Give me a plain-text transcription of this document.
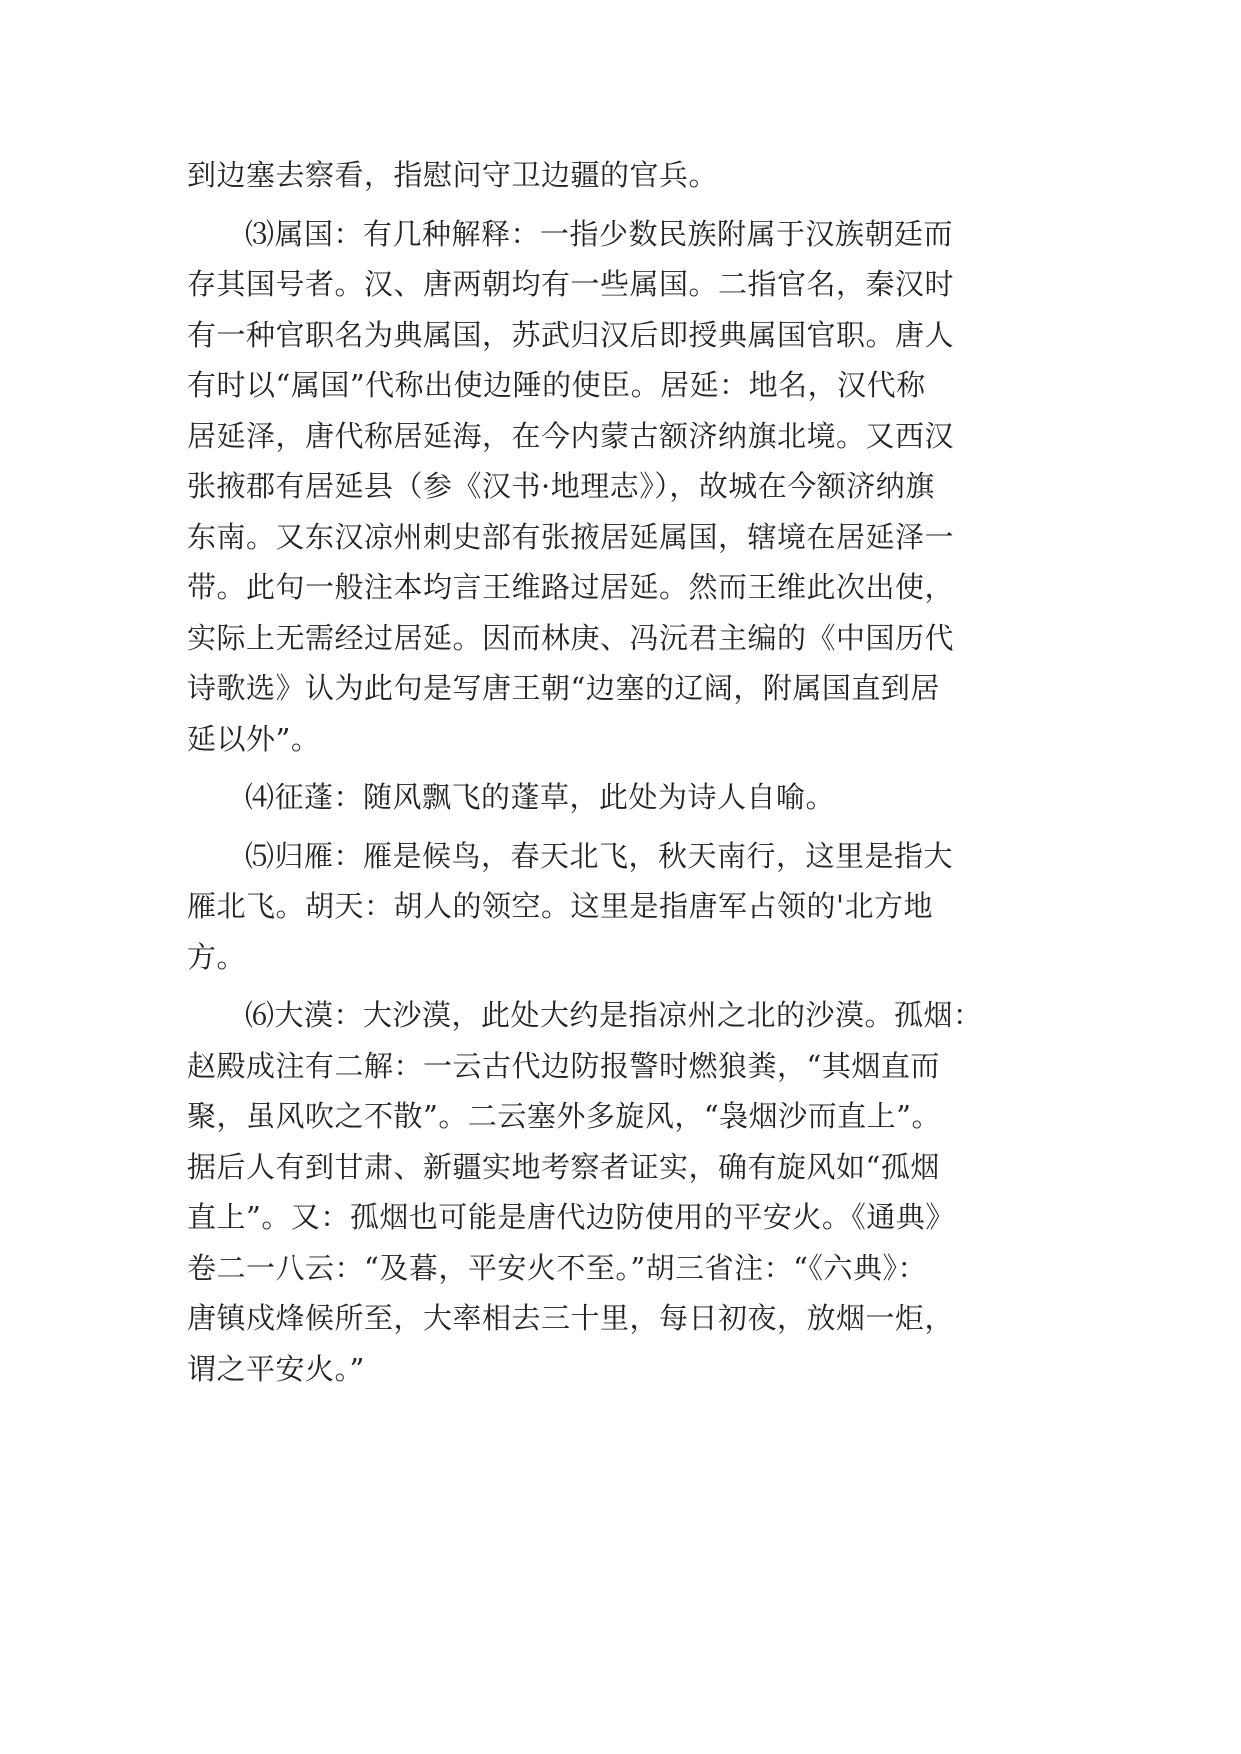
到边塞去察看，指慰问守卫边疆的官兵。
⑶属国：有几种解释：一指少数民族附属于汉族朝廷而
存其国号者。汉、唐两朝均有一些属国。二指官名，秦汉时
有一种官职名为典属国，苏武归汉后即授典属国官职。唐人
有时以“属国”代称出使边陲的使臣。居延：地名，汉代称
居延泽，唐代称居延海，在今内蒙古额济纳旗北境。又西汉
张掖郡有居延县（参《汉书·地理志》），故城在今额济纳旗
东南。又东汉凉州刺史部有张掖居延属国，辖境在居延泽一
带。此句一般注本均言王维路过居延。然而王维此次出使，
实际上无需经过居延。因而林庚、冯沅君主编的《中国历代
诗歌选》认为此句是写唐王朝“边塞的辽阔，附属国直到居
延以外”。
⑷征蓬：随风飘飞的蓬草，此处为诗人自喻。
⑸归雁：雁是候鸟，春天北飞，秋天南行，这里是指大
雁北飞。胡天：胡人的领空。这里是指唐军占领的'北方地
方。
⑹大漠：大沙漠，此处大约是指凉州之北的沙漠。孤烟：
赵殿成注有二解：一云古代边防报警时燃狼粪，“其烟直而
聚，虽风吹之不散”。二云塞外多旋风，“袅烟沙而直上”。
据后人有到甘肃、新疆实地考察者证实，确有旋风如“孤烟
直上”。又：孤烟也可能是唐代边防使用的平安火。《通典》
卷二一八云：“及暮，平安火不至。”胡三省注：“《六典》：
唐镇戍烽候所至，大率相去三十里，每日初夜，放烟一炬，
谓之平安火。”
